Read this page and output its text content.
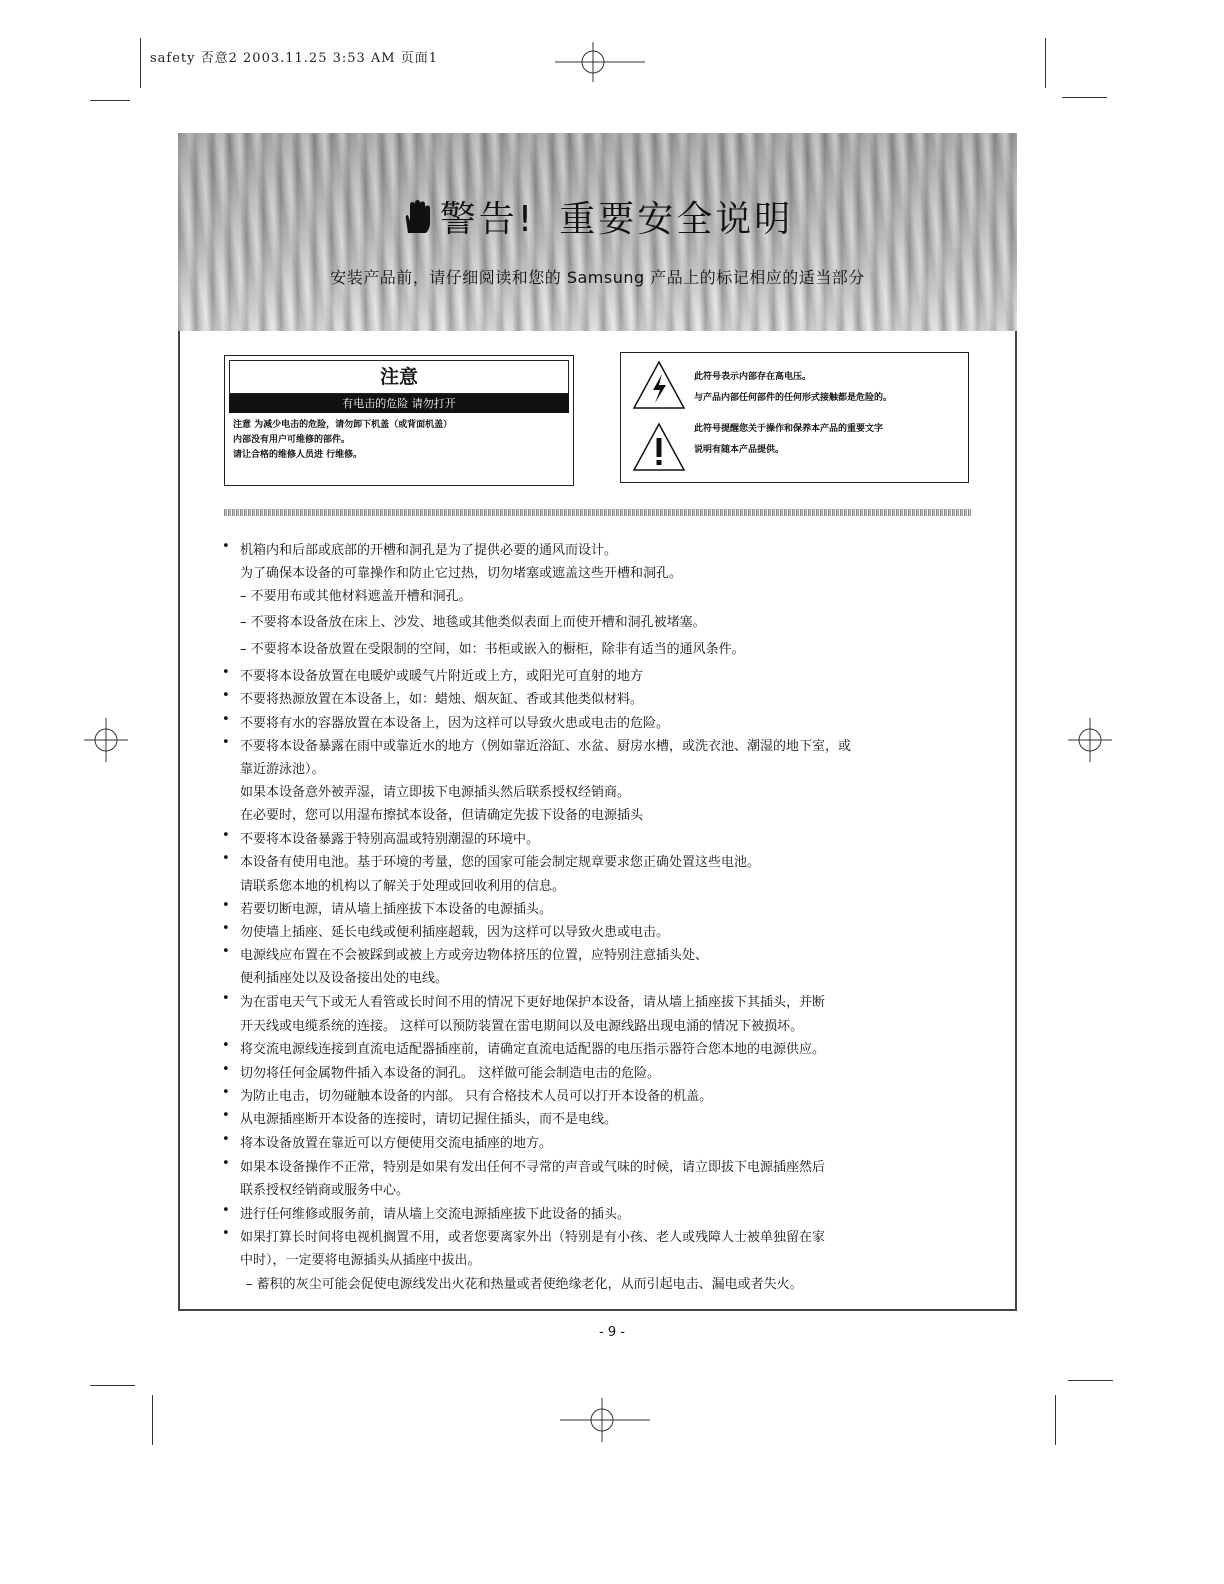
safety 否意2 2003.11.25 3:53 AM 页面1
警告! 重要安全说明
安装产品前，请仔细阅读和您的 Samsung 产品上的标记相应的适当部分
注意
有电击的危险 请勿打开
注意 为减少电击的危险，请勿卸下机盖（或背面机盖）
内部没有用户可维修的部件。
请让合格的维修人员进 行维修。
此符号表示内部存在高电压。
与产品内部任何部件的任何形式接触都是危险的。
此符号提醒您关于操作和保养本产品的重要文字
说明有随本产品提供。
• 机箱内和后部或底部的开槽和洞孔是为了提供必要的通风而设计。
为了确保本设备的可靠操作和防止它过热，切勿堵塞或遮盖这些开槽和洞孔。
– 不要用布或其他材料遮盖开槽和洞孔。
– 不要将本设备放在床上、沙发、地毯或其他类似表面上而使开槽和洞孔被堵塞。
– 不要将本设备放置在受限制的空间，如：书柜或嵌入的橱柜，除非有适当的通风条件。
• 不要将本设备放置在电暖炉或暖气片附近或上方，或阳光可直射的地方
• 不要将热源放置在本设备上，如：蜡烛、烟灰缸、香或其他类似材料。
• 不要将有水的容器放置在本设备上，因为这样可以导致火患或电击的危险。
• 不要将本设备暴露在雨中或靠近水的地方（例如靠近浴缸、水盆、厨房水槽，或洗衣池、潮湿的地下室，或
靠近游泳池）。
如果本设备意外被弄湿，请立即拔下电源插头然后联系授权经销商。
在必要时，您可以用湿布擦拭本设备，但请确定先拔下设备的电源插头
• 不要将本设备暴露于特别高温或特别潮湿的环境中。
• 本设备有使用电池。基于环境的考量，您的国家可能会制定规章要求您正确处置这些电池。
请联系您本地的机构以了解关于处理或回收利用的信息。
• 若要切断电源，请从墙上插座拔下本设备的电源插头。
• 勿使墙上插座、延长电线或便利插座超载，因为这样可以导致火患或电击。
• 电源线应布置在不会被踩到或被上方或旁边物体挤压的位置，应特别注意插头处、
便利插座处以及设备接出处的电线。
• 为在雷电天气下或无人看管或长时间不用的情况下更好地保护本设备，请从墙上插座拔下其插头，并断
开天线或电缆系统的连接。 这样可以预防装置在雷电期间以及电源线路出现电涌的情况下被损坏。
• 将交流电源线连接到直流电适配器插座前，请确定直流电适配器的电压指示器符合您本地的电源供应。
• 切勿将任何金属物件插入本设备的洞孔。 这样做可能会制造电击的危险。
• 为防止电击，切勿碰触本设备的内部。 只有合格技术人员可以打开本设备的机盖。
• 从电源插座断开本设备的连接时，请切记握住插头，而不是电线。
• 将本设备放置在靠近可以方便使用交流电插座的地方。
• 如果本设备操作不正常，特别是如果有发出任何不寻常的声音或气味的时候，请立即拔下电源插座然后
联系授权经销商或服务中心。
• 进行任何维修或服务前，请从墙上交流电源插座拔下此设备的插头。
• 如果打算长时间将电视机搁置不用，或者您要离家外出（特别是有小孩、老人或残障人士被单独留在家
中时），一定要将电源插头从插座中拔出。
– 蓄积的灰尘可能会促使电源线发出火花和热量或者使绝缘老化，从而引起电击、漏电或者失火。
- 9 -
